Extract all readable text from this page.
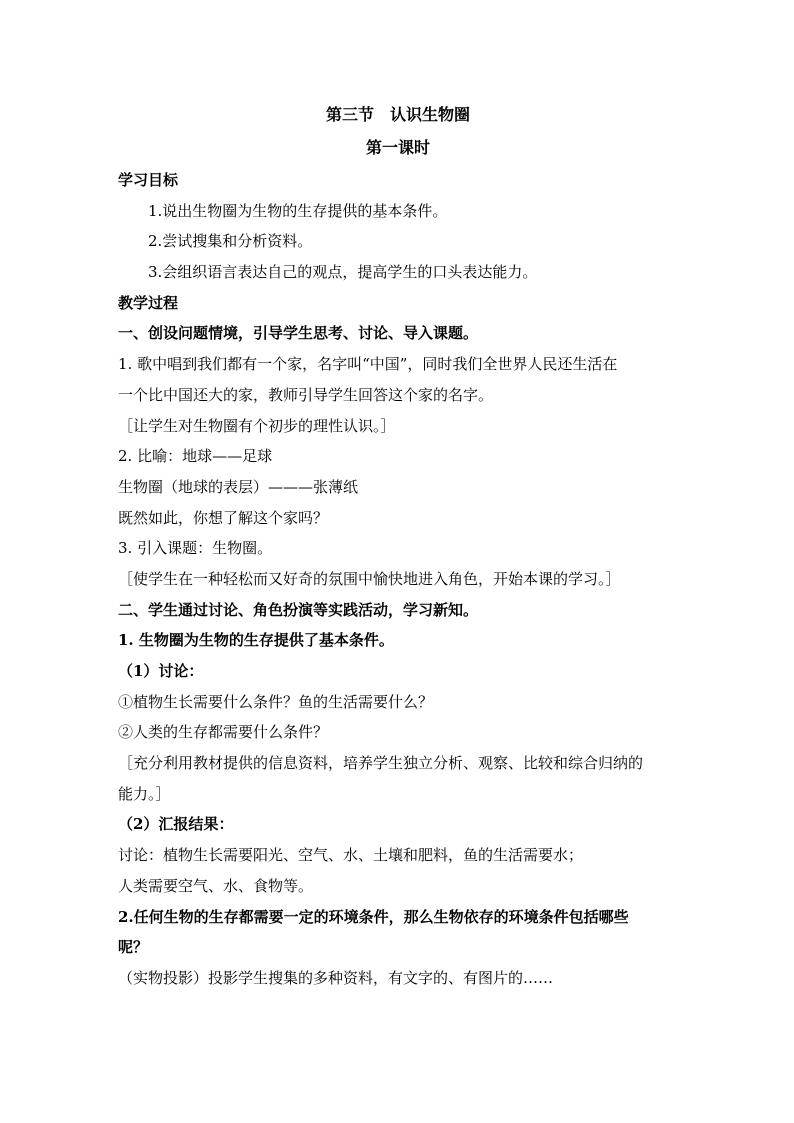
第三节　认识生物圈
第一课时
学习目标
1.说出生物圈为生物的生存提供的基本条件。
2.尝试搜集和分析资料。
3.会组织语言表达自己的观点，提高学生的口头表达能力。
教学过程
一、创设问题情境，引导学生思考、讨论、导入课题。
1. 歌中唱到我们都有一个家，名字叫“中国”，同时我们全世界人民还生活在
一个比中国还大的家，教师引导学生回答这个家的名字。
［让学生对生物圈有个初步的理性认识。］
2. 比喻：地球——足球
生物圈（地球的表层）———张薄纸
既然如此，你想了解这个家吗？
3. 引入课题：生物圈。
［使学生在一种轻松而又好奇的氛围中愉快地进入角色，开始本课的学习。］
二、学生通过讨论、角色扮演等实践活动，学习新知。
1. 生物圈为生物的生存提供了基本条件。
（1）讨论：
①植物生长需要什么条件？鱼的生活需要什么？
②人类的生存都需要什么条件？
［充分利用教材提供的信息资料，培养学生独立分析、观察、比较和综合归纳的
能力。］
（2）汇报结果：
讨论：植物生长需要阳光、空气、水、土壤和肥料，鱼的生活需要水；
人类需要空气、水、食物等。
2.任何生物的生存都需要一定的环境条件，那么生物依存的环境条件包括哪些
呢？
（实物投影）投影学生搜集的多种资料，有文字的、有图片的……
